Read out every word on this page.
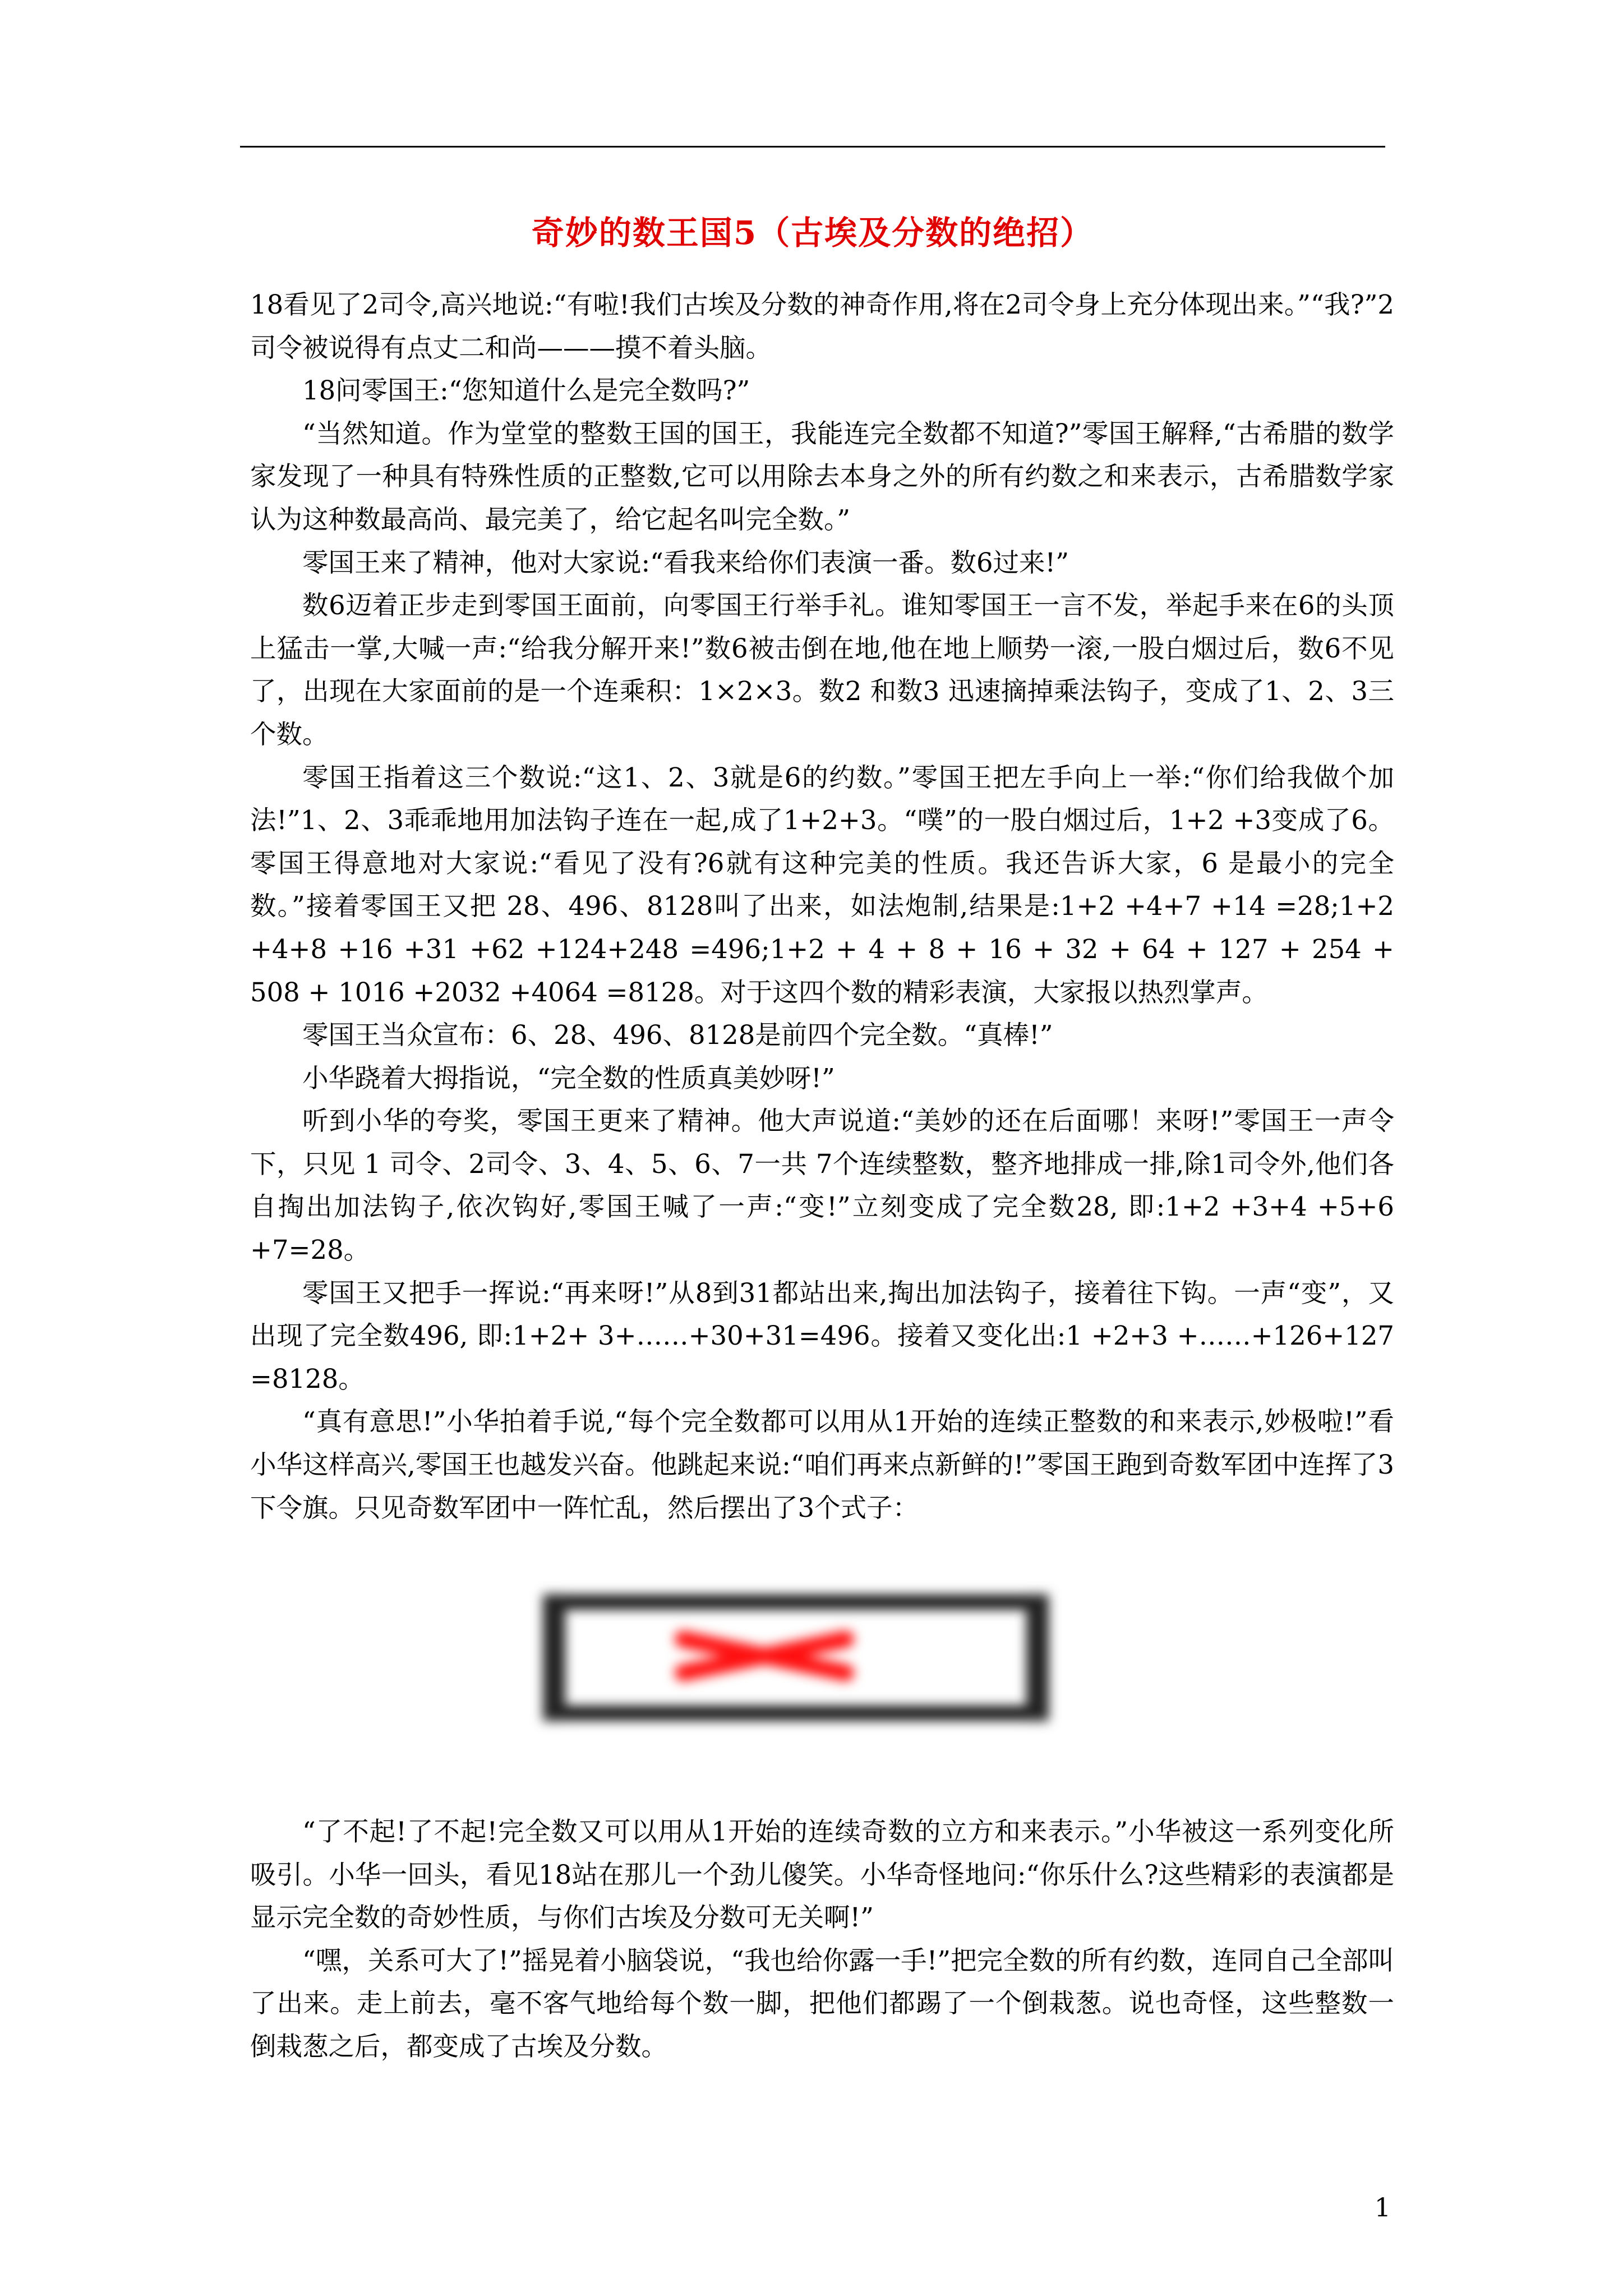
奇妙的数王国5（古埃及分数的绝招）

18看见了2司令,高兴地说:“有啦!我们古埃及分数的神奇作用,将在2司令身上充分体现出来。”“我?”2司令被说得有点丈二和尚———摸不着头脑。

18问零国王:“您知道什么是完全数吗?”

“当然知道。作为堂堂的整数王国的国王，我能连完全数都不知道?”零国王解释,“古希腊的数学家发现了一种具有特殊性质的正整数,它可以用除去本身之外的所有约数之和来表示，古希腊数学家认为这种数最高尚、最完美了，给它起名叫完全数。”

零国王来了精神，他对大家说:“看我来给你们表演一番。数6过来!”

数6迈着正步走到零国王面前，向零国王行举手礼。谁知零国王一言不发，举起手来在6的头顶上猛击一掌,大喊一声:“给我分解开来!”数6被击倒在地,他在地上顺势一滚,一股白烟过后，数6不见了，出现在大家面前的是一个连乘积：1×2×3。数2 和数3 迅速摘掉乘法钩子，变成了1、2、3三个数。

零国王指着这三个数说:“这1、2、3就是6的约数。”零国王把左手向上一举:“你们给我做个加法!”1、2、3乖乖地用加法钩子连在一起,成了1+2+3。“噗”的一股白烟过后，1+2 +3变成了6。零国王得意地对大家说:“看见了没有?6就有这种完美的性质。我还告诉大家，6 是最小的完全数。”接着零国王又把 28、496、8128叫了出来，如法炮制,结果是:1+2 +4+7 +14 =28;1+2 +4+8 +16 +31 +62 +124+248 =496;1+2 + 4 + 8 + 16 + 32 + 64 + 127 + 254 + 508 + 1016 +2032 +4064 =8128。对于这四个数的精彩表演，大家报以热烈掌声。

零国王当众宣布：6、28、496、8128是前四个完全数。“真棒!”

小华跷着大拇指说，“完全数的性质真美妙呀!”

听到小华的夸奖，零国王更来了精神。他大声说道:“美妙的还在后面哪！来呀!”零国王一声令下，只见 1 司令、2司令、3、4、5、6、7一共 7个连续整数，整齐地排成一排,除1司令外,他们各自掏出加法钩子,依次钩好,零国王喊了一声:“变!”立刻变成了完全数28, 即:1+2 +3+4 +5+6 +7=28。

零国王又把手一挥说:“再来呀!”从8到31都站出来,掏出加法钩子，接着往下钩。一声“变”，又出现了完全数496, 即:1+2+ 3+……+30+31=496。接着又变化出:1 +2+3 +……+126+127 =8128。

“真有意思!”小华拍着手说,“每个完全数都可以用从1开始的连续正整数的和来表示,妙极啦!”看小华这样高兴,零国王也越发兴奋。他跳起来说:“咱们再来点新鲜的!”零国王跑到奇数军团中连挥了3下令旗。只见奇数军团中一阵忙乱，然后摆出了3个式子：

“了不起!了不起!完全数又可以用从1开始的连续奇数的立方和来表示。”小华被这一系列变化所吸引。小华一回头，看见18站在那儿一个劲儿傻笑。小华奇怪地问:“你乐什么?这些精彩的表演都是显示完全数的奇妙性质，与你们古埃及分数可无关啊!”

“嘿，关系可大了!”摇晃着小脑袋说，“我也给你露一手!”把完全数的所有约数，连同自己全部叫了出来。走上前去，毫不客气地给每个数一脚，把他们都踢了一个倒栽葱。说也奇怪，这些整数一倒栽葱之后，都变成了古埃及分数。

1
